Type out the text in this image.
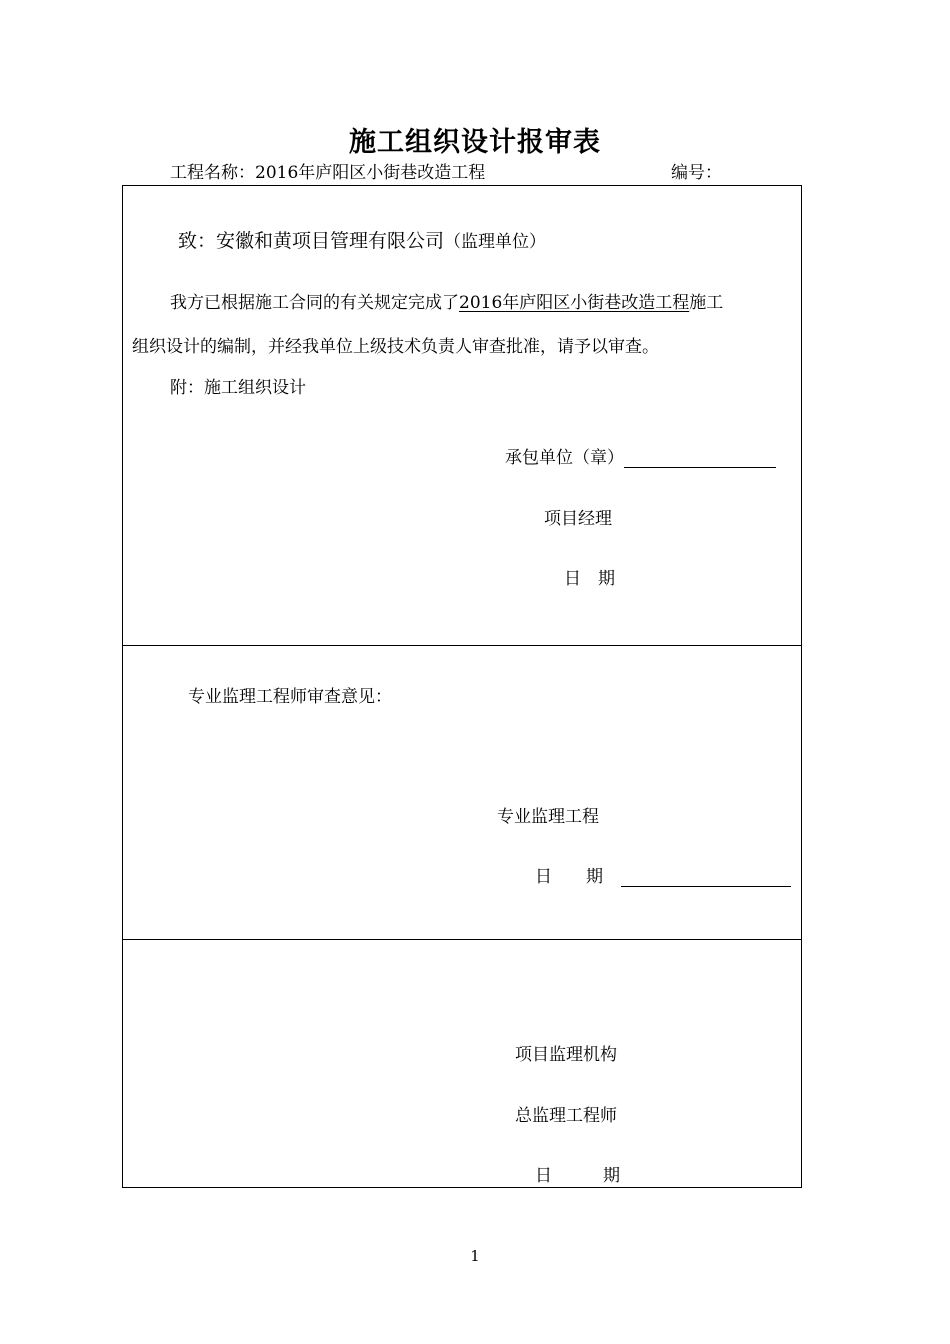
施工组织设计报审表
工程名称：2016年庐阳区小街巷改造工程	编号：
致：安徽和黄项目管理有限公司（监理单位）
我方已根据施工合同的有关规定完成了2016年庐阳区小街巷改造工程施工
组织设计的编制，并经我单位上级技术负责人审查批准，请予以审查。
附：施工组织设计
承包单位（章）
项目经理
日　期
专业监理工程师审查意见：
专业监理工程
日　　期
项目监理机构
总监理工程师
日　　　期
1
